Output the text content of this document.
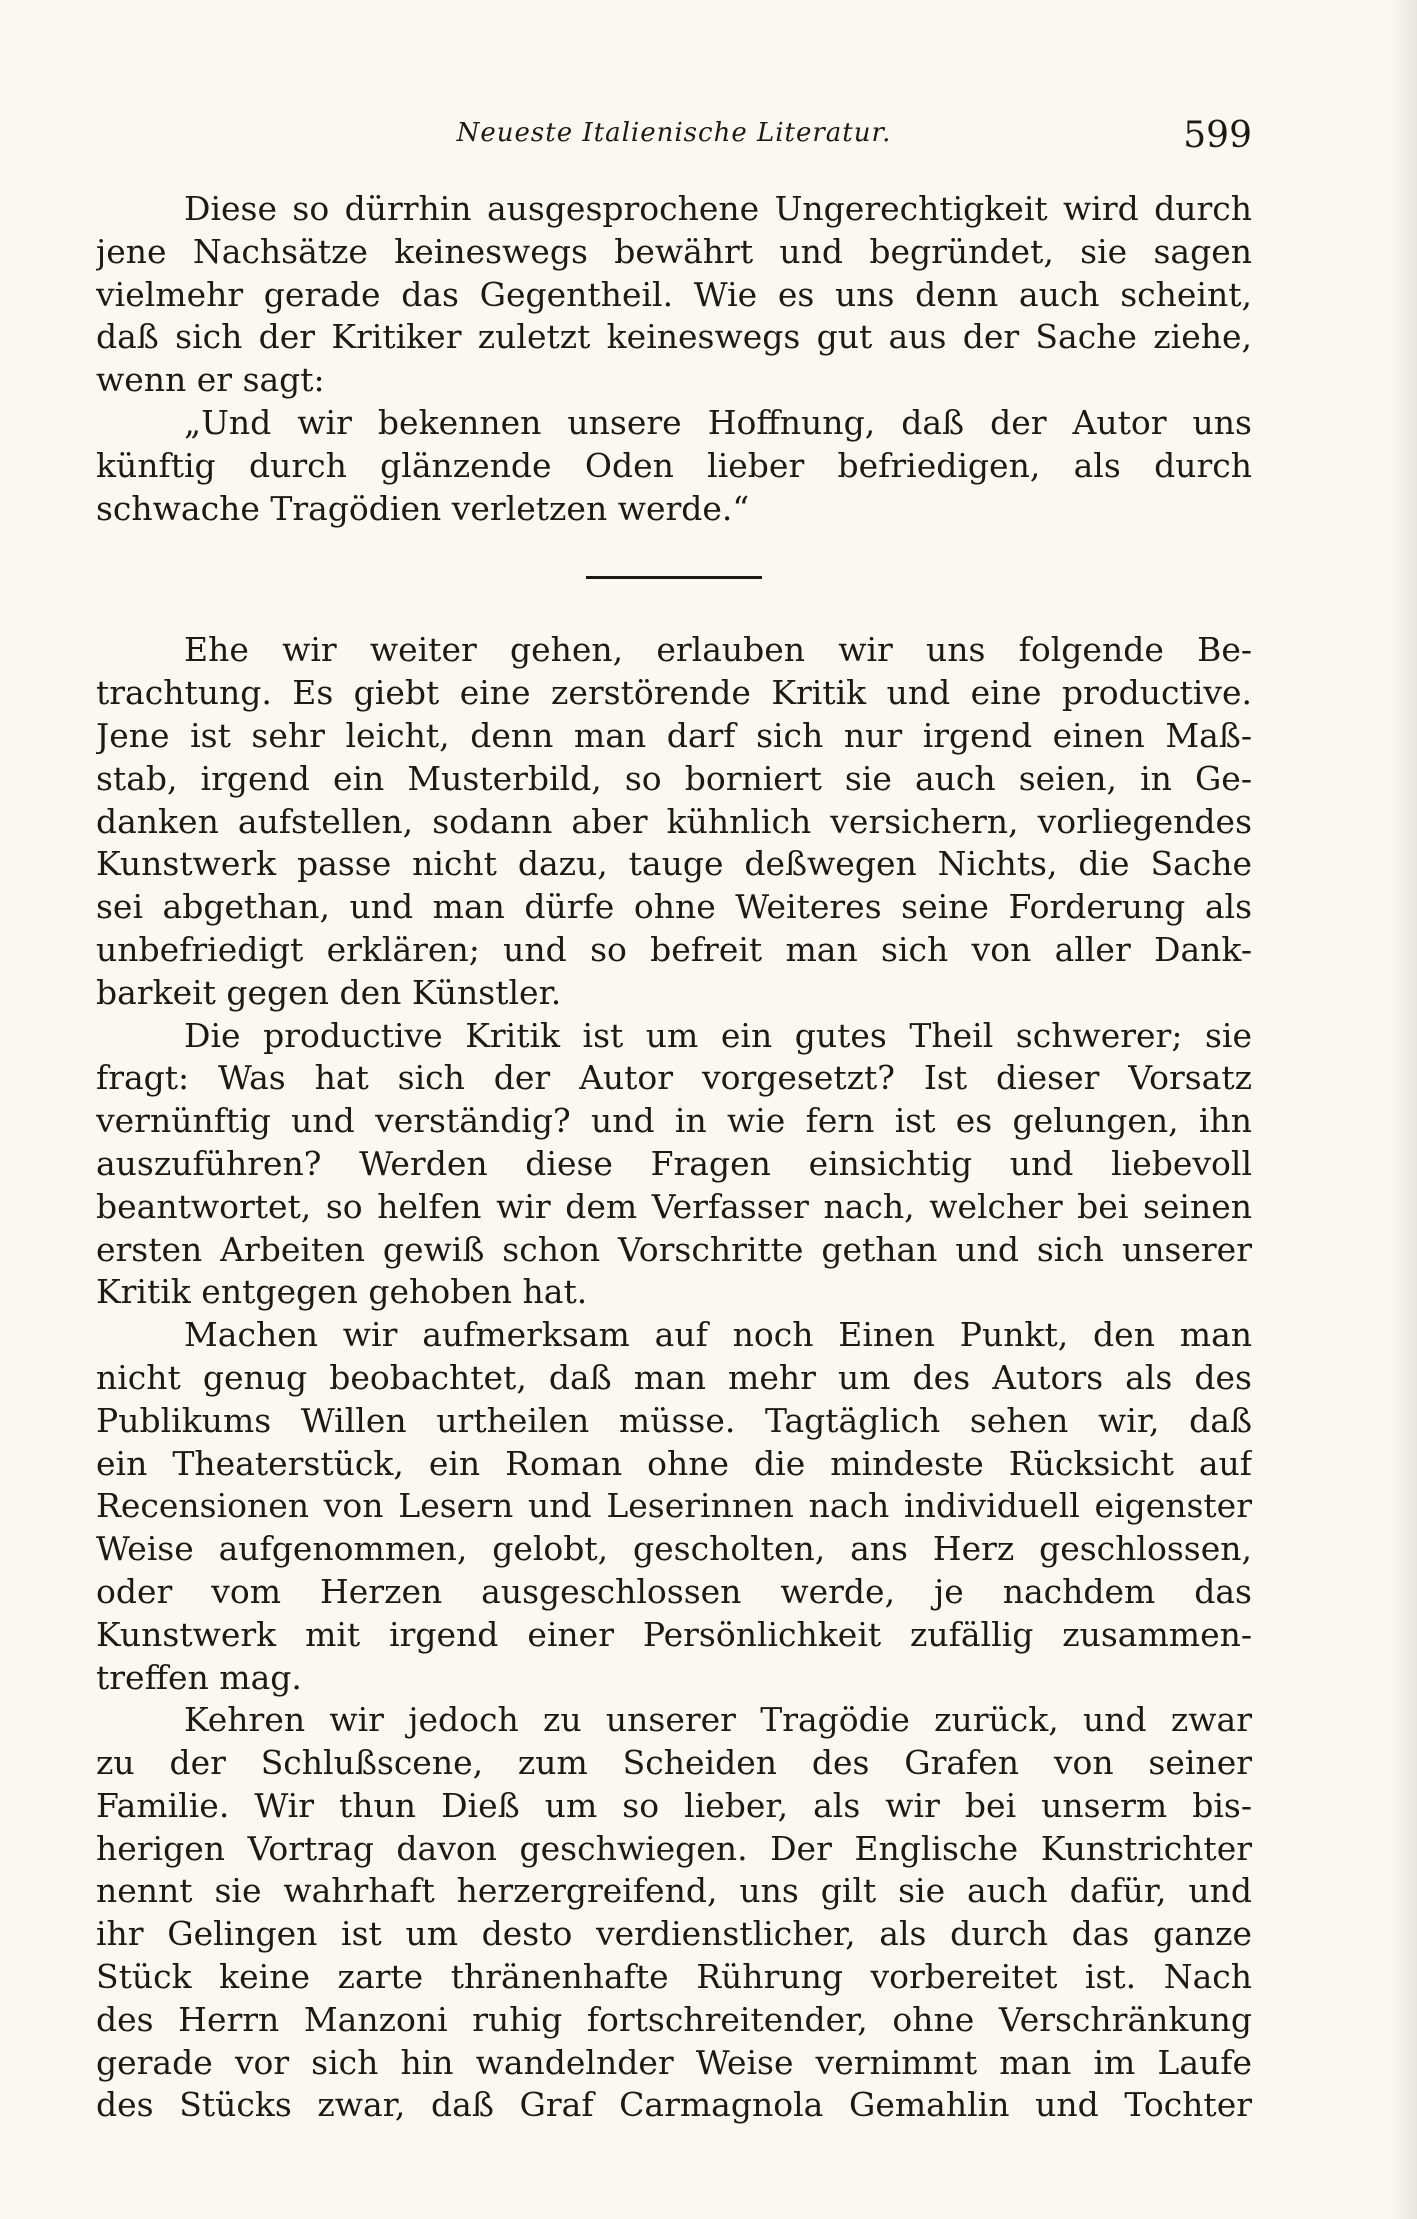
Neueste Italienische Literatur.	599
Diese so dürrhin ausgesprochene Ungerechtigkeit wird durch
jene Nachsätze keineswegs bewährt und begründet, sie sagen
vielmehr gerade das Gegentheil. Wie es uns denn auch scheint,
daß sich der Kritiker zuletzt keineswegs gut aus der Sache ziehe,
wenn er sagt:
„Und wir bekennen unsere Hoffnung, daß der Autor uns
künftig durch glänzende Oden lieber befriedigen, als durch
schwache Tragödien verletzen werde.“
Ehe wir weiter gehen, erlauben wir uns folgende Be-
trachtung. Es giebt eine zerstörende Kritik und eine productive.
Jene ist sehr leicht, denn man darf sich nur irgend einen Maß-
stab, irgend ein Musterbild, so borniert sie auch seien, in Ge-
danken aufstellen, sodann aber kühnlich versichern, vorliegendes
Kunstwerk passe nicht dazu, tauge deßwegen Nichts, die Sache
sei abgethan, und man dürfe ohne Weiteres seine Forderung als
unbefriedigt erklären; und so befreit man sich von aller Dank-
barkeit gegen den Künstler.
Die productive Kritik ist um ein gutes Theil schwerer; sie
fragt: Was hat sich der Autor vorgesetzt? Ist dieser Vorsatz
vernünftig und verständig? und in wie fern ist es gelungen, ihn
auszuführen? Werden diese Fragen einsichtig und liebevoll
beantwortet, so helfen wir dem Verfasser nach, welcher bei seinen
ersten Arbeiten gewiß schon Vorschritte gethan und sich unserer
Kritik entgegen gehoben hat.
Machen wir aufmerksam auf noch Einen Punkt, den man
nicht genug beobachtet, daß man mehr um des Autors als des
Publikums Willen urtheilen müsse. Tagtäglich sehen wir, daß
ein Theaterstück, ein Roman ohne die mindeste Rücksicht auf
Recensionen von Lesern und Leserinnen nach individuell eigenster
Weise aufgenommen, gelobt, gescholten, ans Herz geschlossen,
oder vom Herzen ausgeschlossen werde, je nachdem das
Kunstwerk mit irgend einer Persönlichkeit zufällig zusammen-
treffen mag.
Kehren wir jedoch zu unserer Tragödie zurück, und zwar
zu der Schlußscene, zum Scheiden des Grafen von seiner
Familie. Wir thun Dieß um so lieber, als wir bei unserm bis-
herigen Vortrag davon geschwiegen. Der Englische Kunstrichter
nennt sie wahrhaft herzergreifend, uns gilt sie auch dafür, und
ihr Gelingen ist um desto verdienstlicher, als durch das ganze
Stück keine zarte thränenhafte Rührung vorbereitet ist. Nach
des Herrn Manzoni ruhig fortschreitender, ohne Verschränkung
gerade vor sich hin wandelnder Weise vernimmt man im Laufe
des Stücks zwar, daß Graf Carmagnola Gemahlin und Tochter
